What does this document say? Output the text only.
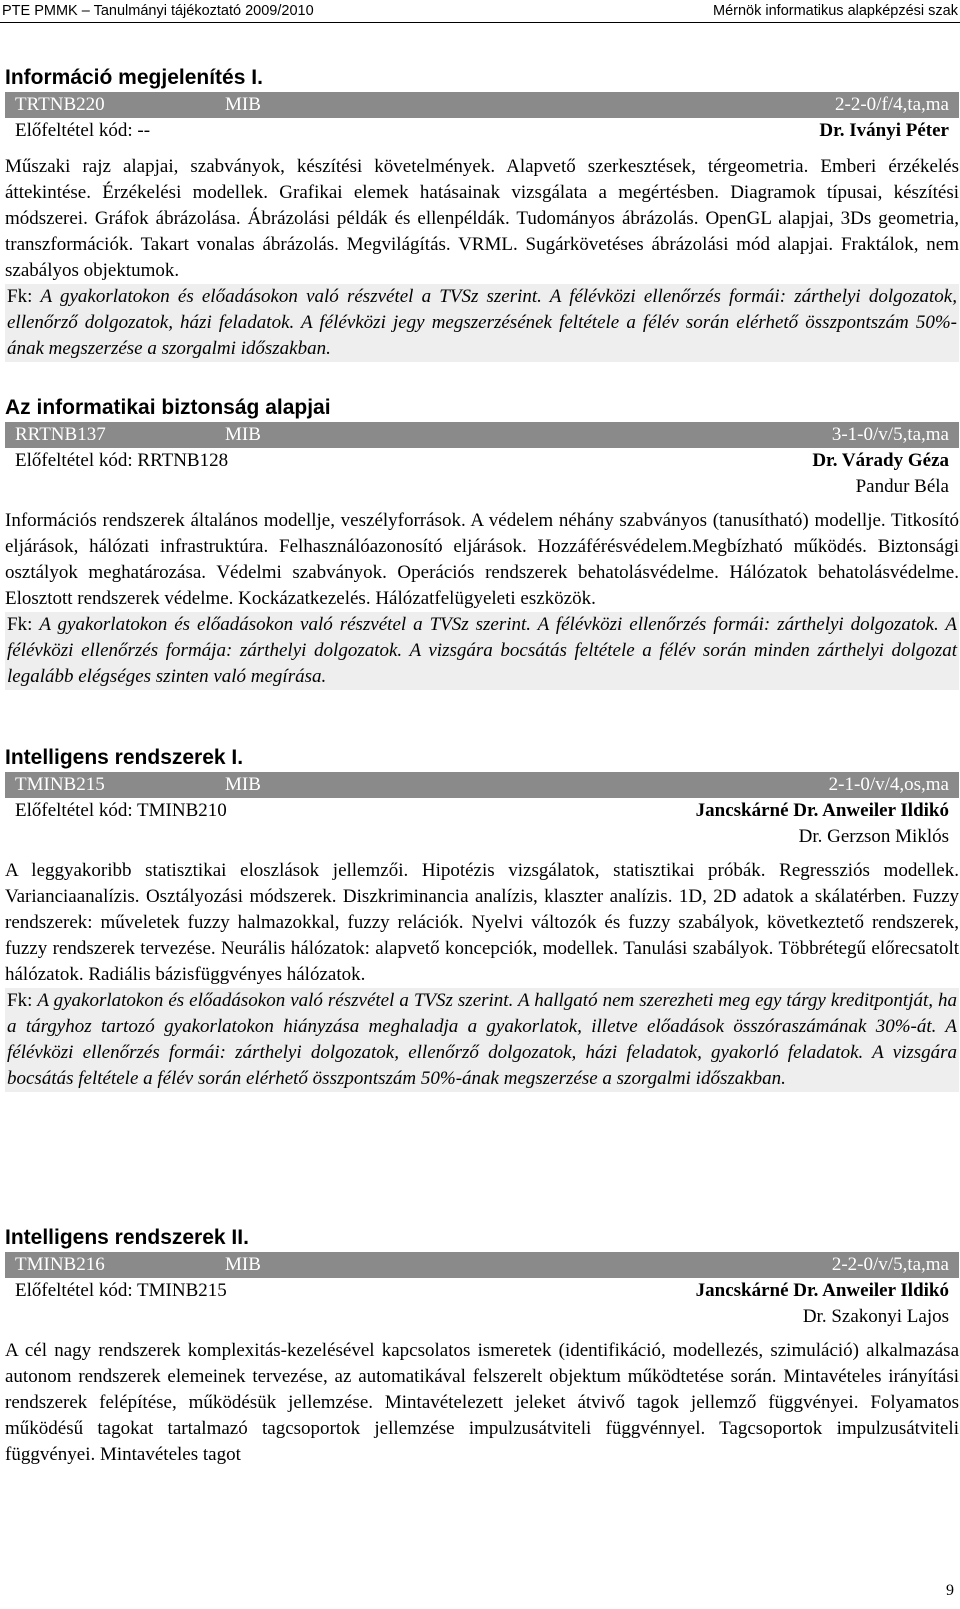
PTE PMMK – Tanulmányi tájékoztató 2009/2010	Mérnök informatikus alapképzési szak
Információ megjelenítés I.
TRTNB220	MIB	2-2-0/f/4,ta,ma
Előfeltétel kód: --	Dr. Iványi Péter
Műszaki rajz alapjai, szabványok, készítési követelmények. Alapvető szerkesztések, térgeometria. Emberi érzékelés áttekintése. Érzékelési modellek. Grafikai elemek hatásainak vizsgálata a megértésben. Diagramok típusai, készítési módszerei. Gráfok ábrázolása. Ábrázolási példák és ellenpéldák. Tudományos ábrázolás. OpenGL alapjai, 3Ds geometria, transzformációk. Takart vonalas ábrázolás. Megvilágítás. VRML. Sugárkövetéses ábrázolási mód alapjai. Fraktálok, nem szabályos objektumok.
Fk: A gyakorlatokon és előadásokon való részvétel a TVSz szerint. A félévközi ellenőrzés formái: zárthelyi dolgozatok, ellenőrző dolgozatok, házi feladatok. A félévközi jegy megszerzésének feltétele a félév során elérhető összpontszám 50%-ának megszerzése a szorgalmi időszakban.
Az informatikai biztonság alapjai
RRTNB137	MIB	3-1-0/v/5,ta,ma
Előfeltétel kód: RRTNB128	Dr. Várady Géza
Pandur Béla
Információs rendszerek általános modellje, veszélyforrások. A védelem néhány szabványos (tanusítható) modellje. Titkosító eljárások, hálózati infrastruktúra. Felhasználóazonosító eljárások. Hozzáférésvédelem.Megbízható működés. Biztonsági osztályok meghatározása. Védelmi szabványok. Operációs rendszerek behatolásvédelme. Hálózatok behatolásvédelme. Elosztott rendszerek védelme. Kockázatkezelés. Hálózatfelügyeleti eszközök.
Fk: A gyakorlatokon és előadásokon való részvétel a TVSz szerint. A félévközi ellenőrzés formái: zárthelyi dolgozatok. A félévközi ellenőrzés formája: zárthelyi dolgozatok. A vizsgára bocsátás feltétele a félév során minden zárthelyi dolgozat legalább elégséges szinten való megírása.
Intelligens rendszerek I.
TMINB215	MIB	2-1-0/v/4,os,ma
Előfeltétel kód: TMINB210	Jancskárné Dr. Anweiler Ildikó
Dr. Gerzson Miklós
A leggyakoribb statisztikai eloszlások jellemzői. Hipotézis vizsgálatok, statisztikai próbák. Regressziós modellek. Varianciaanalízis. Osztályozási módszerek. Diszkriminancia analízis, klaszter analízis. 1D, 2D adatok a skálatérben. Fuzzy rendszerek: műveletek fuzzy halmazokkal, fuzzy relációk. Nyelvi változók és fuzzy szabályok, következtető rendszerek, fuzzy rendszerek tervezése. Neurális hálózatok: alapvető koncepciók, modellek. Tanulási szabályok. Többrétegű előrecsatolt hálózatok. Radiális bázisfüggvényes hálózatok.
Fk: A gyakorlatokon és előadásokon való részvétel a TVSz szerint. A hallgató nem szerezheti meg egy tárgy kreditpontját, ha a tárgyhoz tartozó gyakorlatokon hiányzása meghaladja a gyakorlatok, illetve előadások összóraszámának 30%-át. A félévközi ellenőrzés formái: zárthelyi dolgozatok, ellenőrző dolgozatok, házi feladatok, gyakorló feladatok. A vizsgára bocsátás feltétele a félév során elérhető összpontszám 50%-ának megszerzése a szorgalmi időszakban.
Intelligens rendszerek II.
TMINB216	MIB	2-2-0/v/5,ta,ma
Előfeltétel kód: TMINB215	Jancskárné Dr. Anweiler Ildikó
Dr. Szakonyi Lajos
A cél nagy rendszerek komplexitás-kezelésével kapcsolatos ismeretek (identifikáció, modellezés, szimuláció) alkalmazása autonom rendszerek elemeinek tervezése, az automatikával felszerelt objektum működtetése során. Mintavételes irányítási rendszerek felépítése, működésük jellemzése. Mintavételezett jeleket átvivő tagok jellemző függvényei. Folyamatos működésű tagokat tartalmazó tagcsoportok jellemzése impulzusátviteli függvénnyel. Tagcsoportok impulzusátviteli függvényei. Mintavételes tagot
9
